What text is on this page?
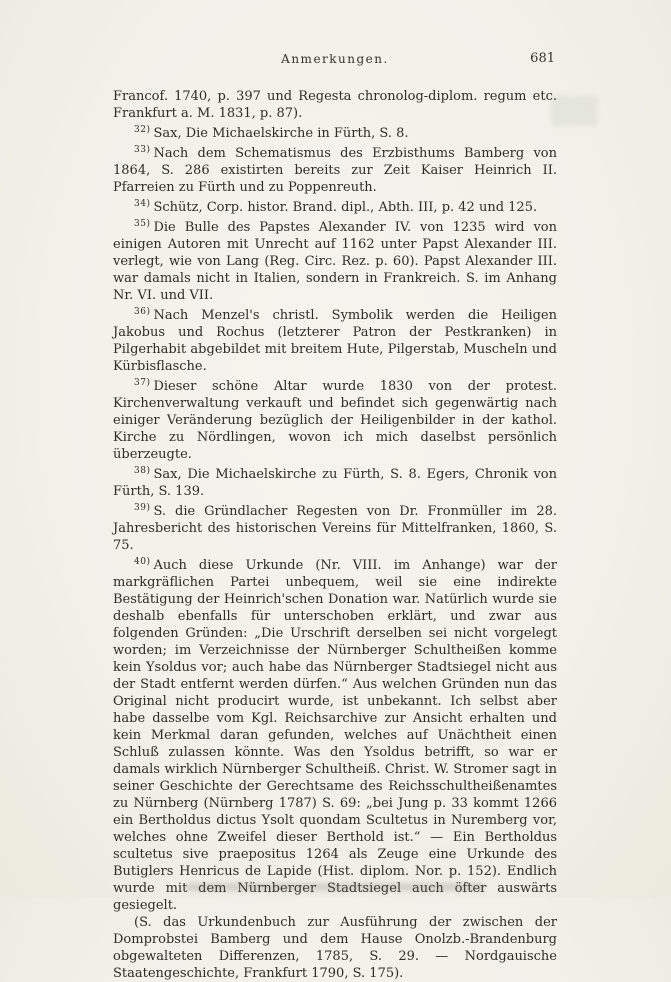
Anmerkungen.	681

Francof. 1740, p. 397 und Regesta chronolog-diplom. regum etc. Frankfurt a. M. 1831, p. 87).

$^{32)}$ Sax, Die Michaelskirche in Fürth, S. 8.

$^{33)}$ Nach dem Schematismus des Erzbisthums Bamberg von 1864, S. 286 existirten bereits zur Zeit Kaiser Heinrich II. Pfarreien zu Fürth und zu Poppenreuth.

$^{34)}$ Schütz, Corp. histor. Brand. dipl., Abth. III, p. 42 und 125.

$^{35)}$ Die Bulle des Papstes Alexander IV. von 1235 wird von einigen Autoren mit Unrecht auf 1162 unter Papst Alexander III. verlegt, wie von Lang (Reg. Circ. Rez. p. 60). Papst Alexander III. war damals nicht in Italien, sondern in Frankreich. S. im Anhang Nr. VI. und VII.

$^{36)}$ Nach Menzel's christl. Symbolik werden die Heiligen Jakobus und Rochus (letzterer Patron der Pestkranken) in Pilgerhabit abgebildet mit breitem Hute, Pilgerstab, Muscheln und Kürbisflasche.

$^{37)}$ Dieser schöne Altar wurde 1830 von der protest. Kirchenverwaltung verkauft und befindet sich gegenwärtig nach einiger Veränderung bezüglich der Heiligenbilder in der kathol. Kirche zu Nördlingen, wovon ich mich daselbst persönlich überzeugte.

$^{38)}$ Sax, Die Michaelskirche zu Fürth, S. 8. Egers, Chronik von Fürth, S. 139.

$^{39)}$ S. die Gründlacher Regesten von Dr. Fronmüller im 28. Jahresbericht des historischen Vereins für Mittelfranken, 1860, S. 75.

$^{40)}$ Auch diese Urkunde (Nr. VIII. im Anhange) war der markgräflichen Partei unbequem, weil sie eine indirekte Bestätigung der Heinrich'schen Donation war. Natürlich wurde sie deshalb ebenfalls für unterschoben erklärt, und zwar aus folgenden Gründen: „Die Urschrift derselben sei nicht vorgelegt worden; im Verzeichnisse der Nürnberger Schultheißen komme kein Ysoldus vor; auch habe das Nürnberger Stadtsiegel nicht aus der Stadt entfernt werden dürfen.“ Aus welchen Gründen nun das Original nicht producirt wurde, ist unbekannt. Ich selbst aber habe dasselbe vom Kgl. Reichsarchive zur Ansicht erhalten und kein Merkmal daran gefunden, welches auf Unächtheit einen Schluß zulassen könnte. Was den Ysoldus betrifft, so war er damals wirklich Nürnberger Schultheiß. Christ. W. Stromer sagt in seiner Geschichte der Gerechtsame des Reichsschultheißenamtes zu Nürnberg (Nürnberg 1787) S. 69: „bei Jung p. 33 kommt 1266 ein Bertholdus dictus Ysolt quondam Scultetus in Nuremberg vor, welches ohne Zweifel dieser Berthold ist.“ — Ein Bertholdus scultetus sive praepositus 1264 als Zeuge eine Urkunde des Butiglers Henricus de Lapide (Hist. diplom. Nor. p. 152). Endlich wurde mit dem Nürnberger Stadtsiegel auch öfter auswärts gesiegelt.

(S. das Urkundenbuch zur Ausführung der zwischen der Domprobstei Bamberg und dem Hause Onolzb.-Brandenburg obgewalteten Differenzen, 1785, S. 29. — Nordgauische Staatengeschichte, Frankfurt 1790, S. 175).
